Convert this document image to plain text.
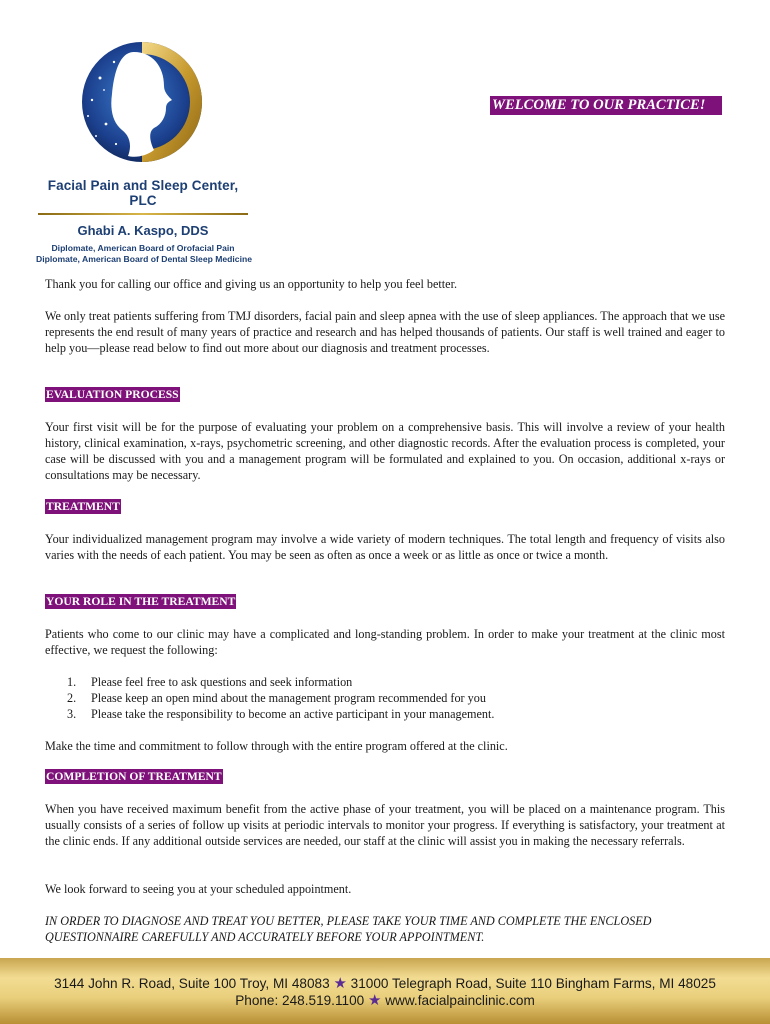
Facial Pain and Sleep Center, PLC
Ghabi A. Kaspo, DDS
Diplomate, American Board of Orofacial Pain
Diplomate, American Board of Dental Sleep Medicine
WELCOME TO OUR PRACTICE!

Thank you for calling our office and giving us an opportunity to help you feel better.

We only treat patients suffering from TMJ disorders, facial pain and sleep apnea with the use of sleep appliances. The approach that we use represents the end result of many years of practice and research and has helped thousands of patients. Our staff is well trained and eager to help you—please read below to find out more about our diagnosis and treatment processes.

EVALUATION PROCESS

Your first visit will be for the purpose of evaluating your problem on a comprehensive basis. This will involve a review of your health history, clinical examination, x-rays, psychometric screening, and other diagnostic records. After the evaluation process is completed, your case will be discussed with you and a management program will be formulated and explained to you. On occasion, additional x-rays or consultations may be necessary.

TREATMENT

Your individualized management program may involve a wide variety of modern techniques. The total length and frequency of visits also varies with the needs of each patient. You may be seen as often as once a week or as little as once or twice a month.

YOUR ROLE IN THE TREATMENT

Patients who come to our clinic may have a complicated and long-standing problem. In order to make your treatment at the clinic most effective, we request the following:

1. Please feel free to ask questions and seek information
2. Please keep an open mind about the management program recommended for you
3. Please take the responsibility to become an active participant in your management.

Make the time and commitment to follow through with the entire program offered at the clinic.

COMPLETION OF TREATMENT

When you have received maximum benefit from the active phase of your treatment, you will be placed on a maintenance program. This usually consists of a series of follow up visits at periodic intervals to monitor your progress. If everything is satisfactory, your treatment at the clinic ends. If any additional outside services are needed, our staff at the clinic will assist you in making the necessary referrals.

We look forward to seeing you at your scheduled appointment.

IN ORDER TO DIAGNOSE AND TREAT YOU BETTER, PLEASE TAKE YOUR TIME AND COMPLETE THE ENCLOSED QUESTIONNAIRE CAREFULLY AND ACCURATELY BEFORE YOUR APPOINTMENT.

3144 John R. Road, Suite 100 Troy, MI 48083 ★ 31000 Telegraph Road, Suite 110 Bingham Farms, MI 48025
Phone: 248.519.1100 ★ www.facialpainclinic.com
